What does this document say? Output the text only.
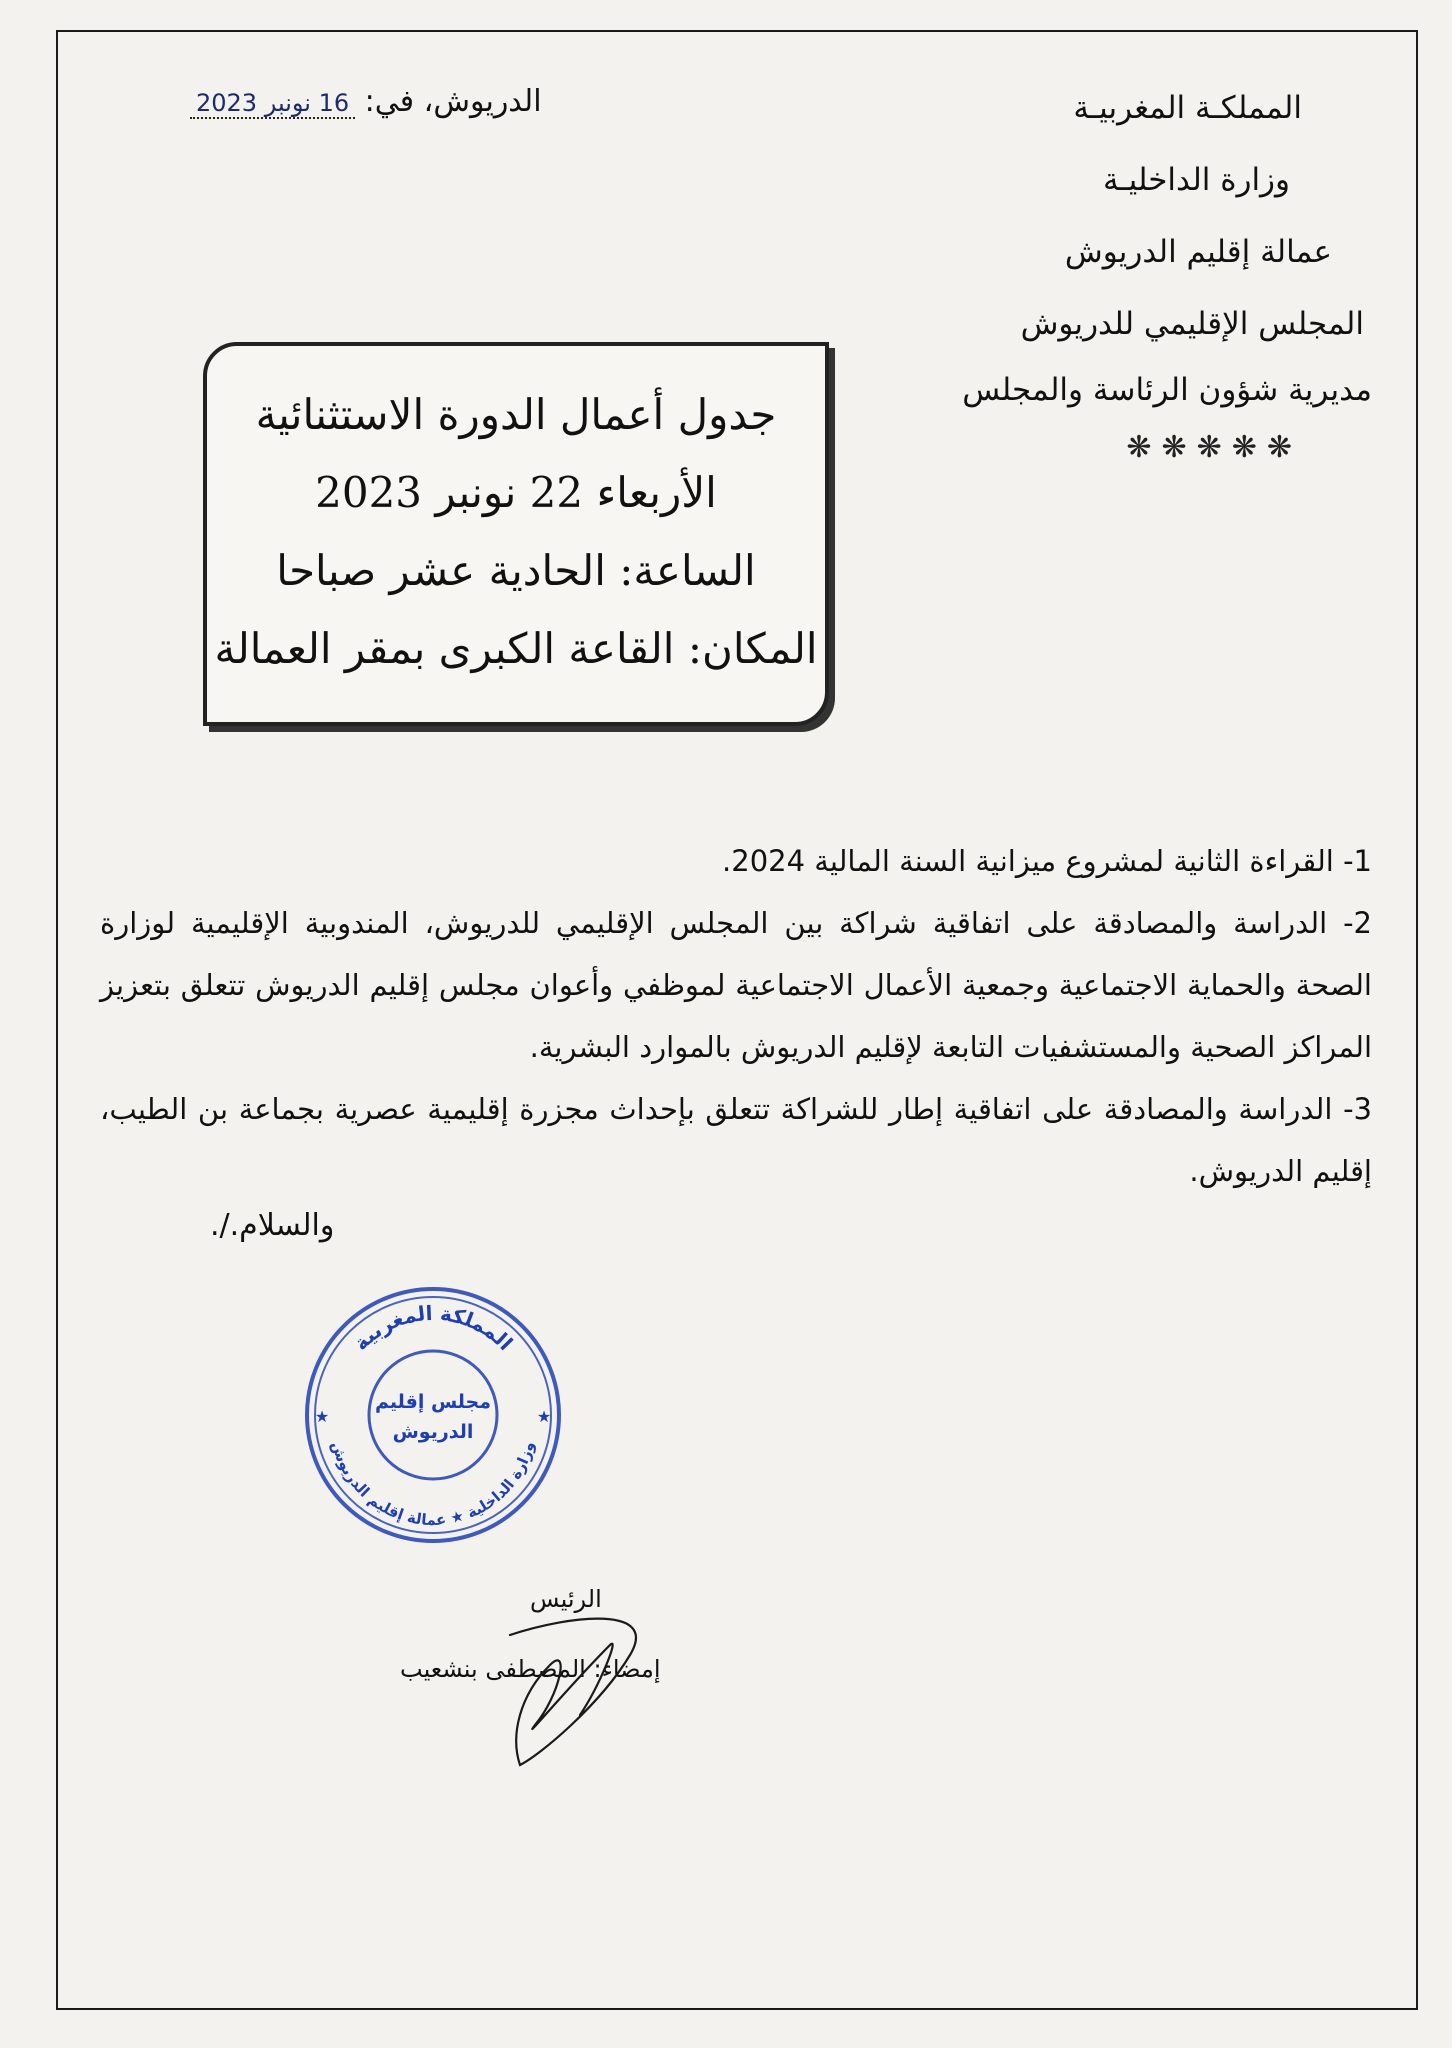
المملكـة المغربيـة
وزارة الداخليـة
عمالة إقليم الدريوش
المجلس الإقليمي للدريوش
مديرية شؤون الرئاسة والمجلس
❋❋❋❋❋
الدريوش، في: 16 نونبر 2023
جدول أعمال الدورة الاستثنائية
الأربعاء 22 نونبر 2023
الساعة: الحادية عشر صباحا
المكان: القاعة الكبرى بمقر العمالة

1- القراءة الثانية لمشروع ميزانية السنة المالية 2024.

2- الدراسة والمصادقة على اتفاقية شراكة بين المجلس الإقليمي للدريوش، المندوبية الإقليمية لوزارة الصحة والحماية الاجتماعية وجمعية الأعمال الاجتماعية لموظفي وأعوان مجلس إقليم الدريوش تتعلق بتعزيز المراكز الصحية والمستشفيات التابعة لإقليم الدريوش بالموارد البشرية.

3- الدراسة والمصادقة على اتفاقية إطار للشراكة تتعلق بإحداث مجزرة إقليمية عصرية بجماعة بن الطيب، إقليم الدريوش.

والسلام./.
المملكة المغربية
وزارة الداخلية ★ عمالة إقليم الدريوش
مجلس إقليم
الدريوش
★	★
الرئيس
إمضاء: المصطفى بنشعيب
